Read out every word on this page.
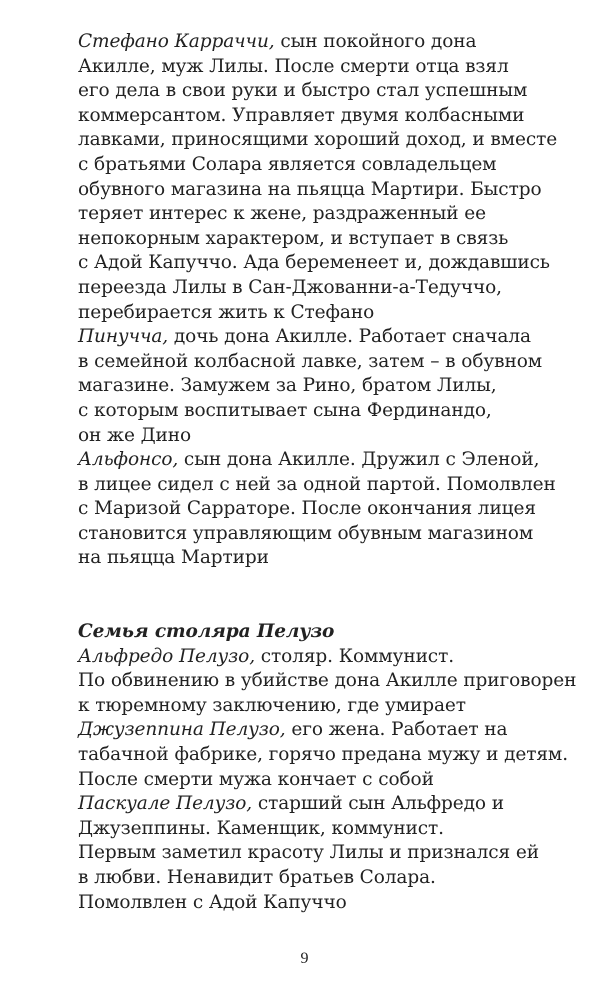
Стефано Карраччи, сын покойного дона
Акилле, муж Лилы. После смерти отца взял
его дела в свои руки и быстро стал успешным
коммерсантом. Управляет двумя колбасными
лавками, приносящими хороший доход, и вместе
с братьями Солара является совладельцем
обувного магазина на пьяцца Мартири. Быстро
теряет интерес к жене, раздраженный ее
непокорным характером, и вступает в связь
с Адой Капуччо. Ада беременеет и, дождавшись
переезда Лилы в Сан-Джованни-а-Тедуччо,
перебирается жить к Стефано
Пинучча, дочь дона Акилле. Работает сначала
в семейной колбасной лавке, затем – в обувном
магазине. Замужем за Рино, братом Лилы,
с которым воспитывает сына Фердинандо,
он же Дино
Альфонсо, сын дона Акилле. Дружил с Эленой,
в лицее сидел с ней за одной партой. Помолвлен
с Маризой Сарраторе. После окончания лицея
становится управляющим обувным магазином
на пьяцца Мартири
Семья столяра Пелузо
Альфредо Пелузо, столяр. Коммунист.
По обвинению в убийстве дона Акилле приговорен
к тюремному заключению, где умирает
Джузеппина Пелузо, его жена. Работает на
табачной фабрике, горячо предана мужу и детям.
После смерти мужа кончает с собой
Паскуале Пелузо, старший сын Альфредо и
Джузеппины. Каменщик, коммунист.
Первым заметил красоту Лилы и признался ей
в любви. Ненавидит братьев Солара.
Помолвлен с Адой Капуччо
9
